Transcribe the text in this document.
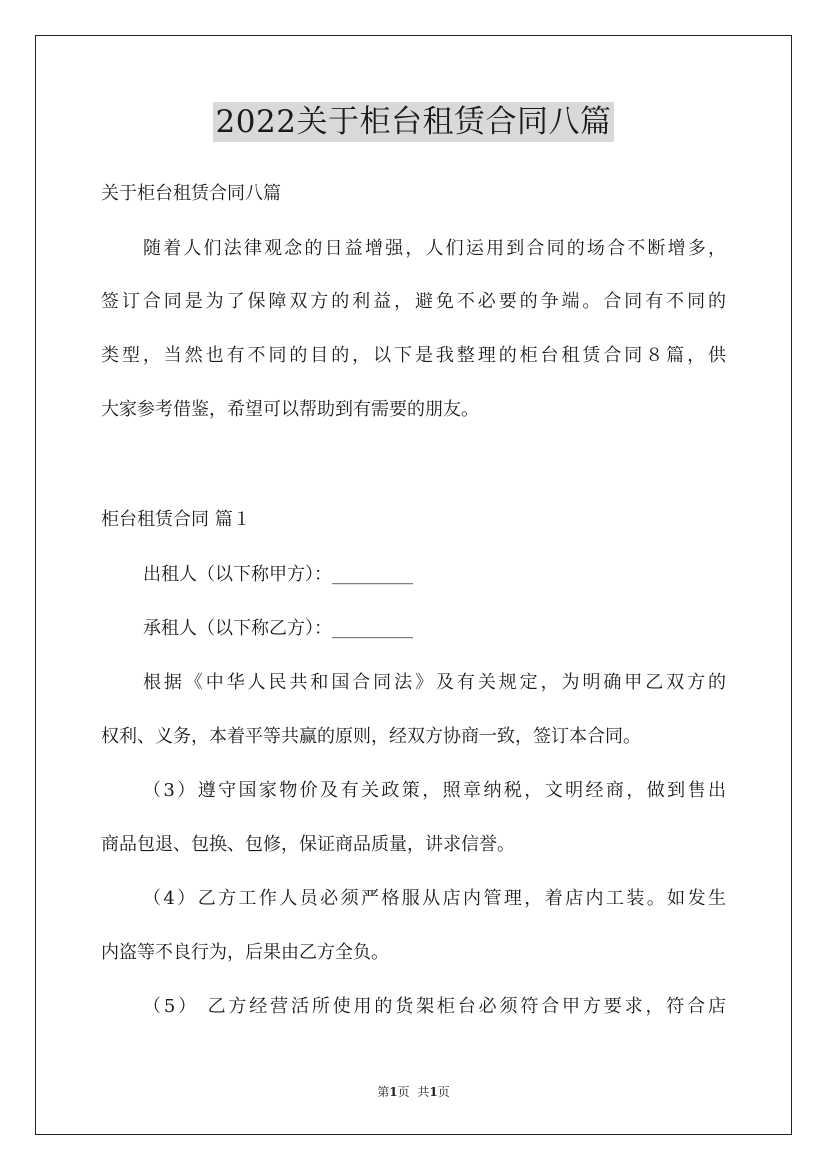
2022关于柜台租赁合同八篇

关于柜台租赁合同八篇

随着人们法律观念的日益增强，人们运用到合同的场合不断增多，

签订合同是为了保障双方的利益，避免不必要的争端。合同有不同的

类型，当然也有不同的目的，以下是我整理的柜台租赁合同８篇，供

大家参考借鉴，希望可以帮助到有需要的朋友。

柜台租赁合同 篇１

出租人（以下称甲方）：_________

承租人（以下称乙方）：_________

根据《中华人民共和国合同法》及有关规定，为明确甲乙双方的

权利、义务，本着平等共赢的原则，经双方协商一致，签订本合同。

（3）遵守国家物价及有关政策，照章纳税，文明经商，做到售出

商品包退、包换、包修，保证商品质量，讲求信誉。

（4）乙方工作人员必须严格服从店内管理，着店内工装。如发生

内盗等不良行为，后果由乙方全负。

（5） 乙方经营活所使用的货架柜台必须符合甲方要求，符合店

第1页 共1页
